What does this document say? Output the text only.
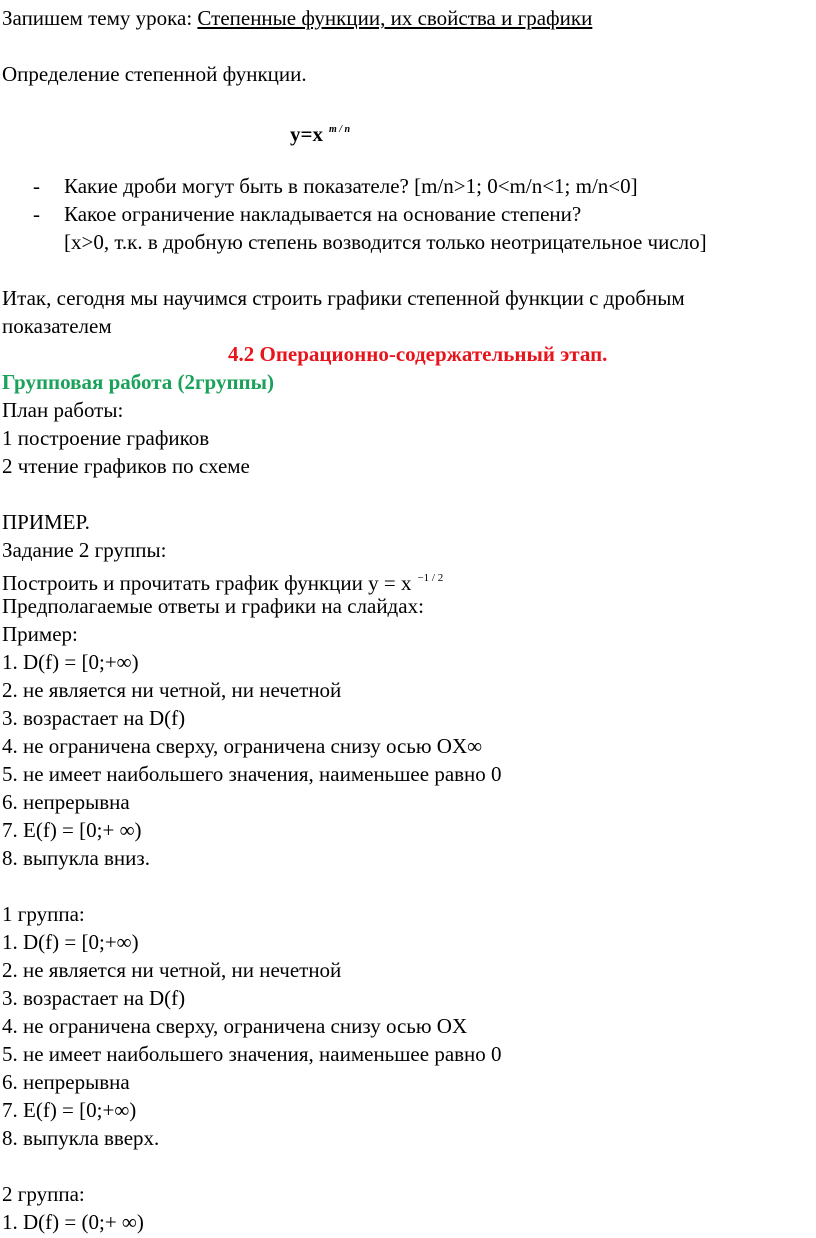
Запишем тему урока: Степенные функции, их свойства и графики
Определение степенной функции.
y=x $^{m / n}$
- Какие дроби могут быть в показателе? [m/n>1; 0<m/n<1; m/n<0]
- Какое ограничение накладывается на основание степени?
[x>0, т.к. в дробную степень возводится только неотрицательное число]
Итак, сегодня мы научимся строить графики степенной функции с дробным
показателем
4.2 Операционно-содержательный этап.
Групповая работа (2группы)
План работы:
1 построение графиков
2 чтение графиков по схеме
ПРИМЕР.
Задание 2 группы:
Построить и прочитать график функции y = x $^{-1 / 2}$
Предполагаемые ответы и графики на слайдах:
Пример:
1. D(f) = [0;+∞)
2. не является ни четной, ни нечетной
3. возрастает на D(f)
4. не ограничена сверху, ограничена снизу осью OX∞
5. не имеет наибольшего значения, наименьшее равно 0
6. непрерывна
7. E(f) = [0;+ ∞)
8. выпукла вниз.
1 группа:
1. D(f) = [0;+∞)
2. не является ни четной, ни нечетной
3. возрастает на D(f)
4. не ограничена сверху, ограничена снизу осью OX
5. не имеет наибольшего значения, наименьшее равно 0
6. непрерывна
7. E(f) = [0;+∞)
8. выпукла вверх.
2 группа:
1. D(f) = (0;+ ∞)
